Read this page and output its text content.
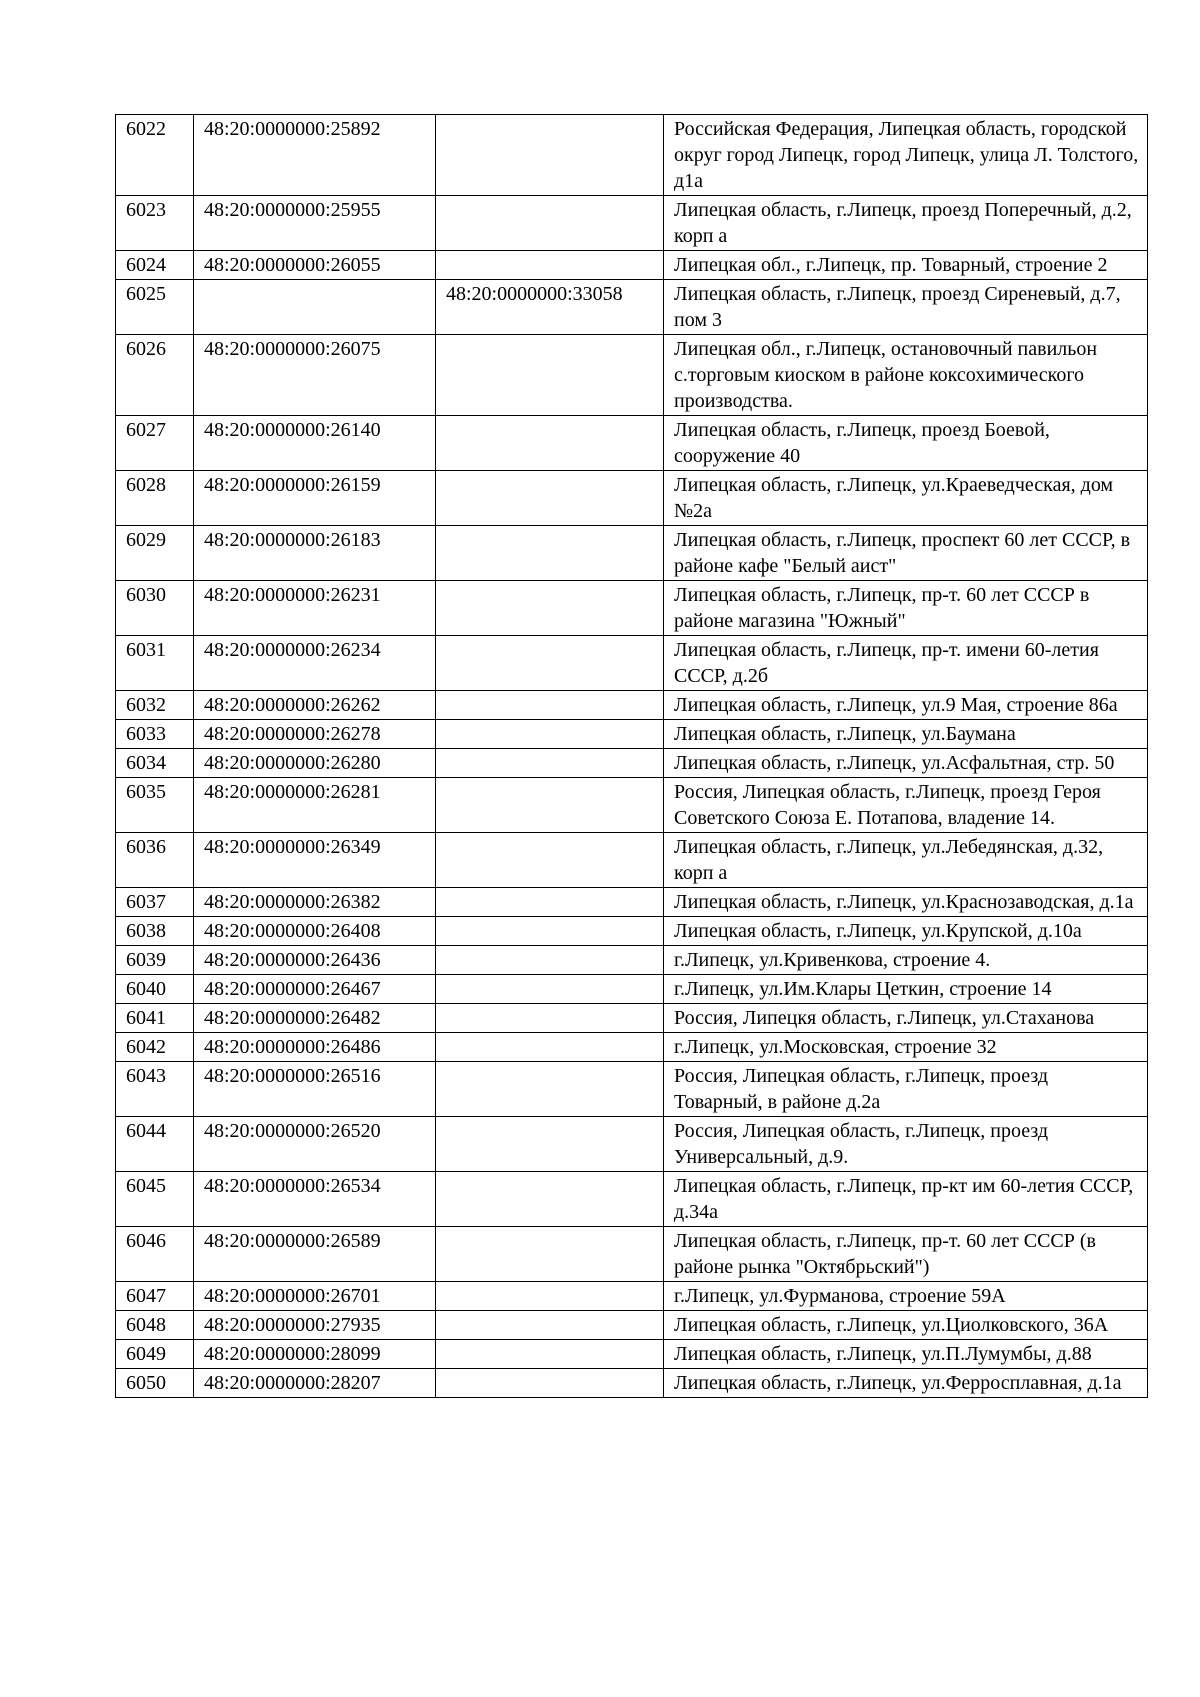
6022	48:20:0000000:25892		Российская Федерация, Липецкая область, городской округ город Липецк, город Липецк, улица Л. Толстого, д1а
6023	48:20:0000000:25955		Липецкая область, г.Липецк, проезд Поперечный, д.2, корп а
6024	48:20:0000000:26055		Липецкая обл., г.Липецк, пр. Товарный, строение 2
6025		48:20:0000000:33058	Липецкая область, г.Липецк, проезд Сиреневый, д.7, пом 3
6026	48:20:0000000:26075		Липецкая обл., г.Липецк, остановочный павильон с.торговым киоском в районе коксохимического производства.
6027	48:20:0000000:26140		Липецкая область, г.Липецк, проезд Боевой, сооружение 40
6028	48:20:0000000:26159		Липецкая область, г.Липецк, ул.Краеведческая, дом №2а
6029	48:20:0000000:26183		Липецкая область, г.Липецк, проспект 60 лет СССР, в районе кафе "Белый аист"
6030	48:20:0000000:26231		Липецкая область, г.Липецк, пр-т. 60 лет СССР в районе магазина "Южный"
6031	48:20:0000000:26234		Липецкая область, г.Липецк, пр-т. имени 60-летия СССР, д.2б
6032	48:20:0000000:26262		Липецкая область, г.Липецк, ул.9 Мая, строение 86а
6033	48:20:0000000:26278		Липецкая область, г.Липецк, ул.Баумана
6034	48:20:0000000:26280		Липецкая область, г.Липецк, ул.Асфальтная, стр. 50
6035	48:20:0000000:26281		Россия, Липецкая область, г.Липецк, проезд Героя Советского Союза Е. Потапова, владение 14.
6036	48:20:0000000:26349		Липецкая область, г.Липецк, ул.Лебедянская, д.32, корп а
6037	48:20:0000000:26382		Липецкая область, г.Липецк, ул.Краснозаводская, д.1а
6038	48:20:0000000:26408		Липецкая область, г.Липецк, ул.Крупской, д.10а
6039	48:20:0000000:26436		г.Липецк, ул.Кривенкова, строение 4.
6040	48:20:0000000:26467		г.Липецк, ул.Им.Клары Цеткин, строение 14
6041	48:20:0000000:26482		Россия, Липецкя область, г.Липецк, ул.Стаханова
6042	48:20:0000000:26486		г.Липецк, ул.Московская, строение 32
6043	48:20:0000000:26516		Россия, Липецкая область, г.Липецк, проезд Товарный, в районе д.2а
6044	48:20:0000000:26520		Россия, Липецкая область, г.Липецк, проезд Универсальный, д.9.
6045	48:20:0000000:26534		Липецкая область, г.Липецк, пр-кт им 60-летия СССР, д.34а
6046	48:20:0000000:26589		Липецкая область, г.Липецк, пр-т. 60 лет СССР (в районе рынка "Октябрьский")
6047	48:20:0000000:26701		г.Липецк, ул.Фурманова, строение 59А
6048	48:20:0000000:27935		Липецкая область, г.Липецк, ул.Циолковского, 36А
6049	48:20:0000000:28099		Липецкая область, г.Липецк, ул.П.Лумумбы, д.88
6050	48:20:0000000:28207		Липецкая область, г.Липецк, ул.Ферросплавная, д.1а
